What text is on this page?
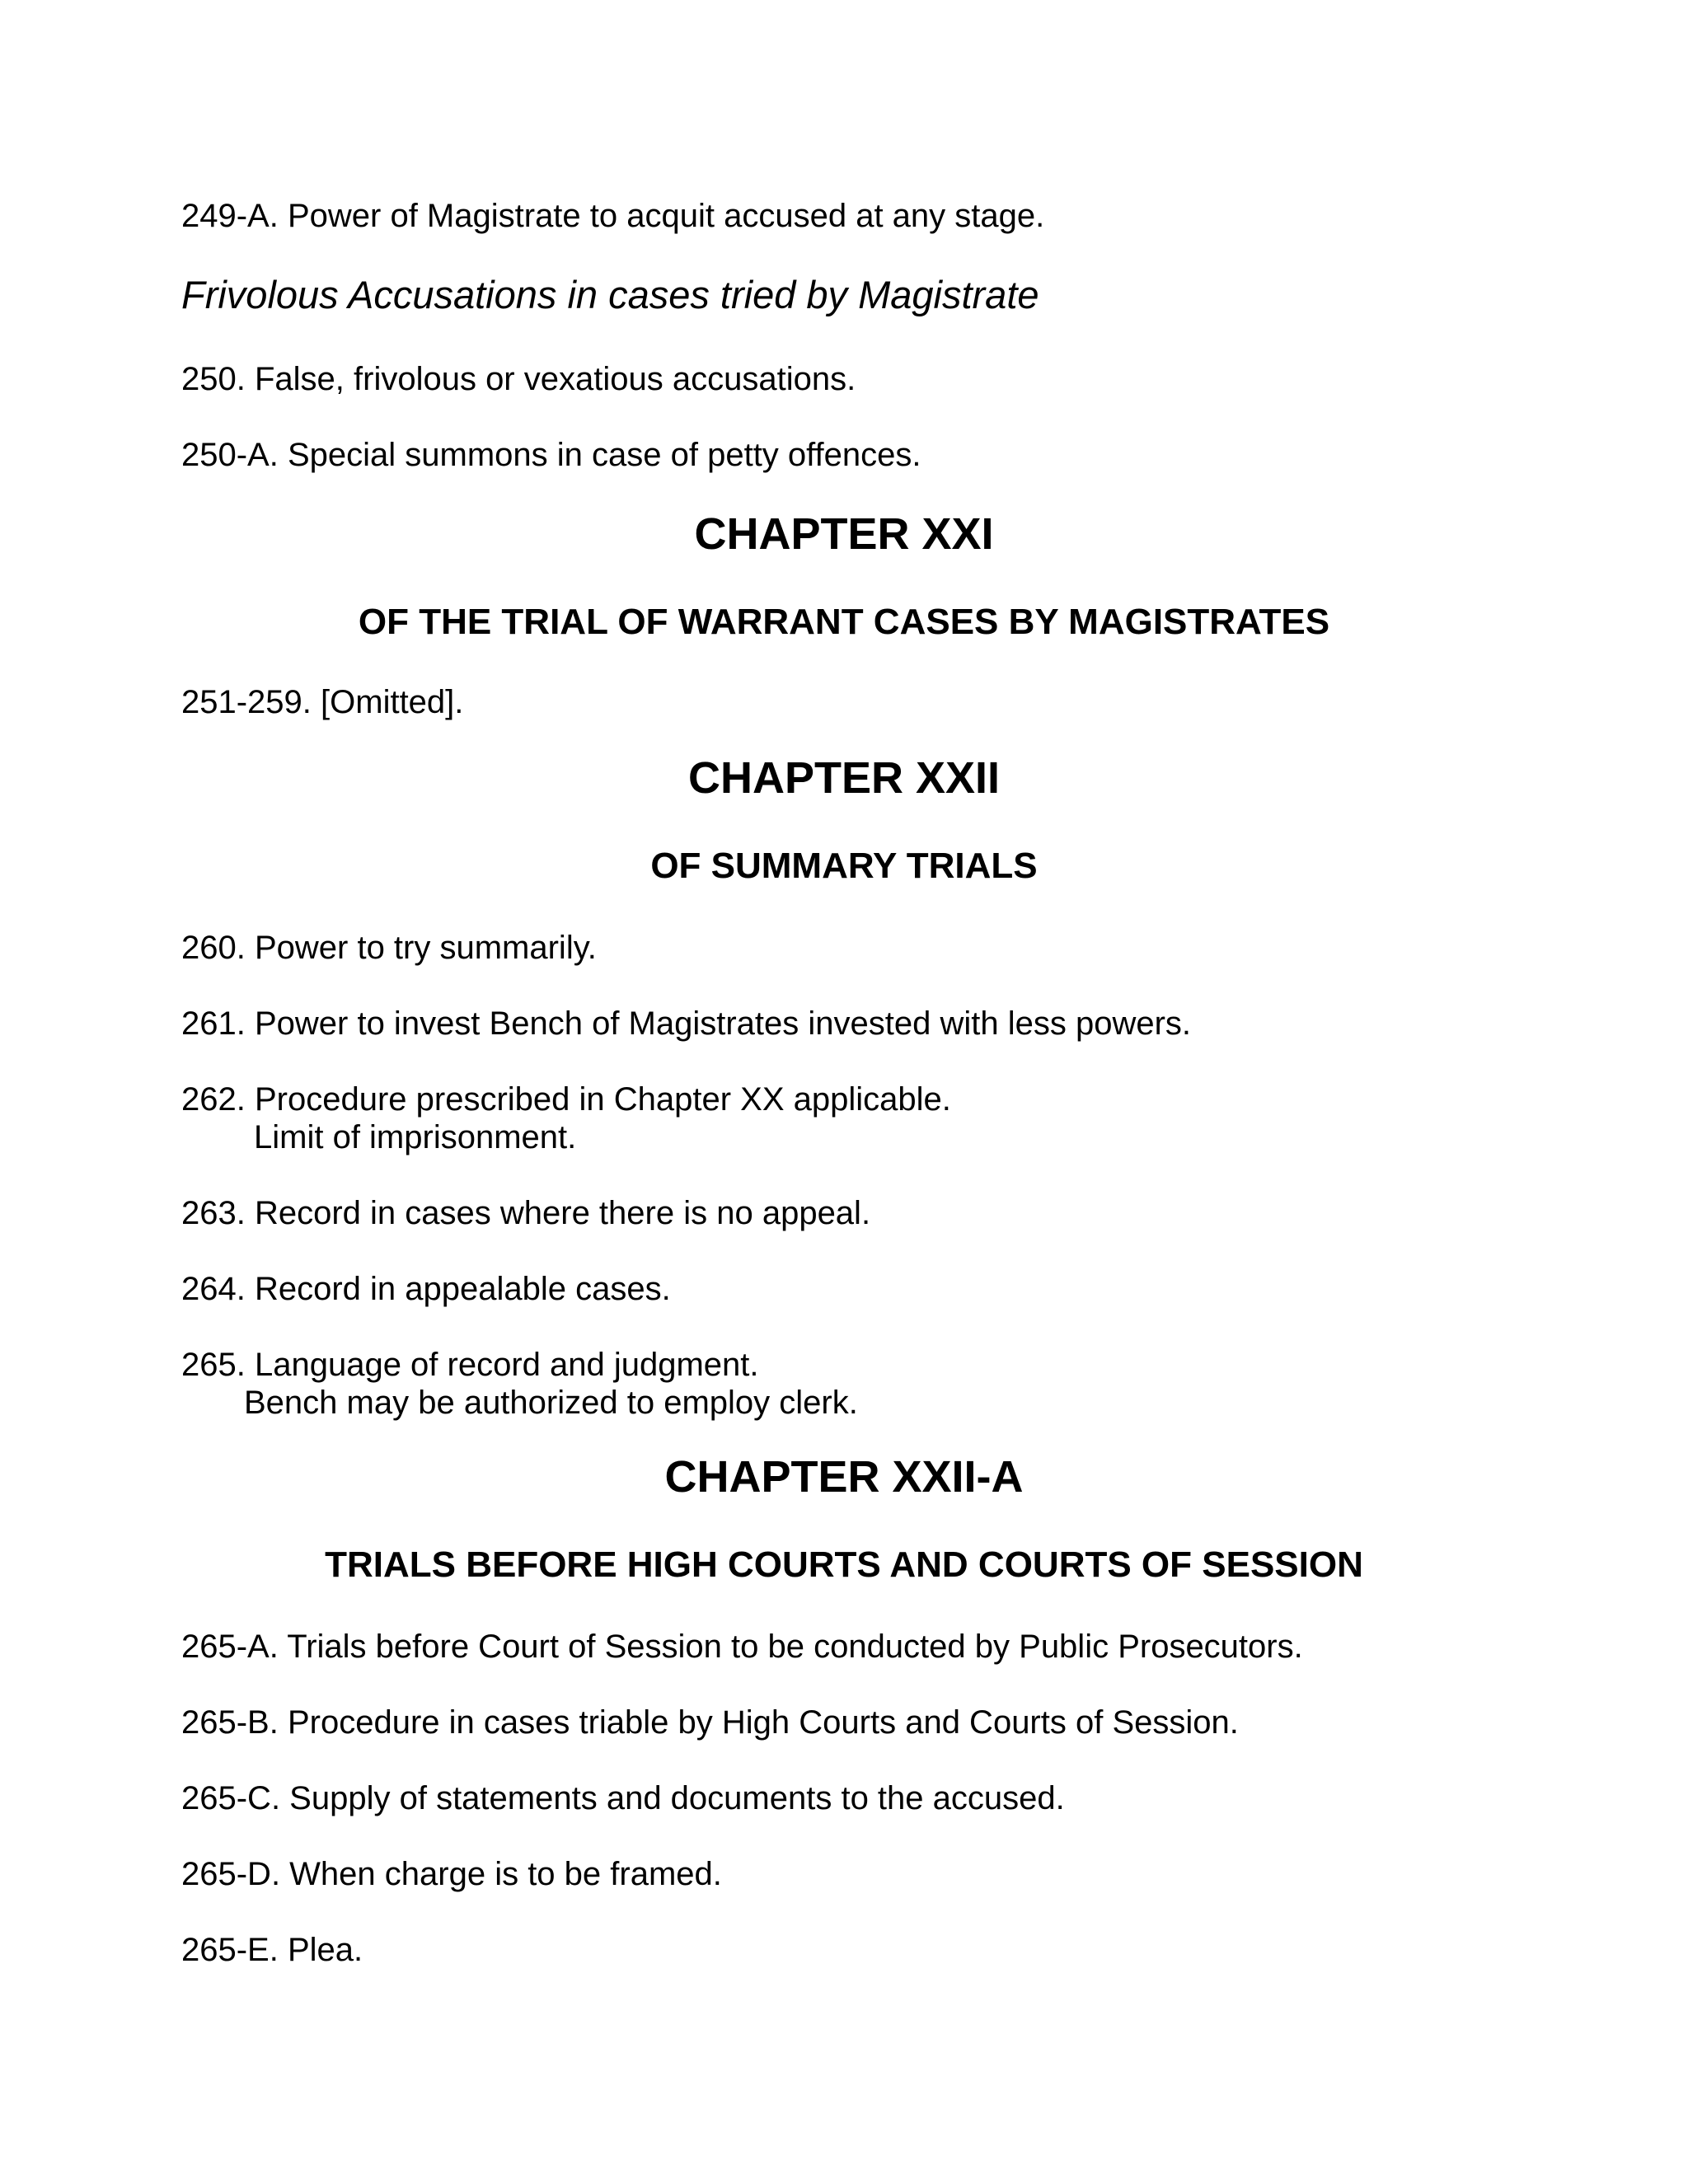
249-A. Power of Magistrate to acquit accused at any stage.
Frivolous Accusations in cases tried by Magistrate
250. False, frivolous or vexatious accusations.
250-A. Special summons in case of petty offences.
CHAPTER XXI
OF THE TRIAL OF WARRANT CASES BY MAGISTRATES
251-259. [Omitted].
CHAPTER XXII
OF SUMMARY TRIALS
260. Power to try summarily.
261. Power to invest Bench of Magistrates invested with less powers.
262. Procedure prescribed in Chapter XX applicable.
Limit of imprisonment.
263. Record in cases where there is no appeal.
264. Record in appealable cases.
265. Language of record and judgment.
Bench may be authorized to employ clerk.
CHAPTER XXII-A
TRIALS BEFORE HIGH COURTS AND COURTS OF SESSION
265-A. Trials before Court of Session to be conducted by Public Prosecutors.
265-B. Procedure in cases triable by High Courts and Courts of Session.
265-C. Supply of statements and documents to the accused.
265-D. When charge is to be framed.
265-E. Plea.
